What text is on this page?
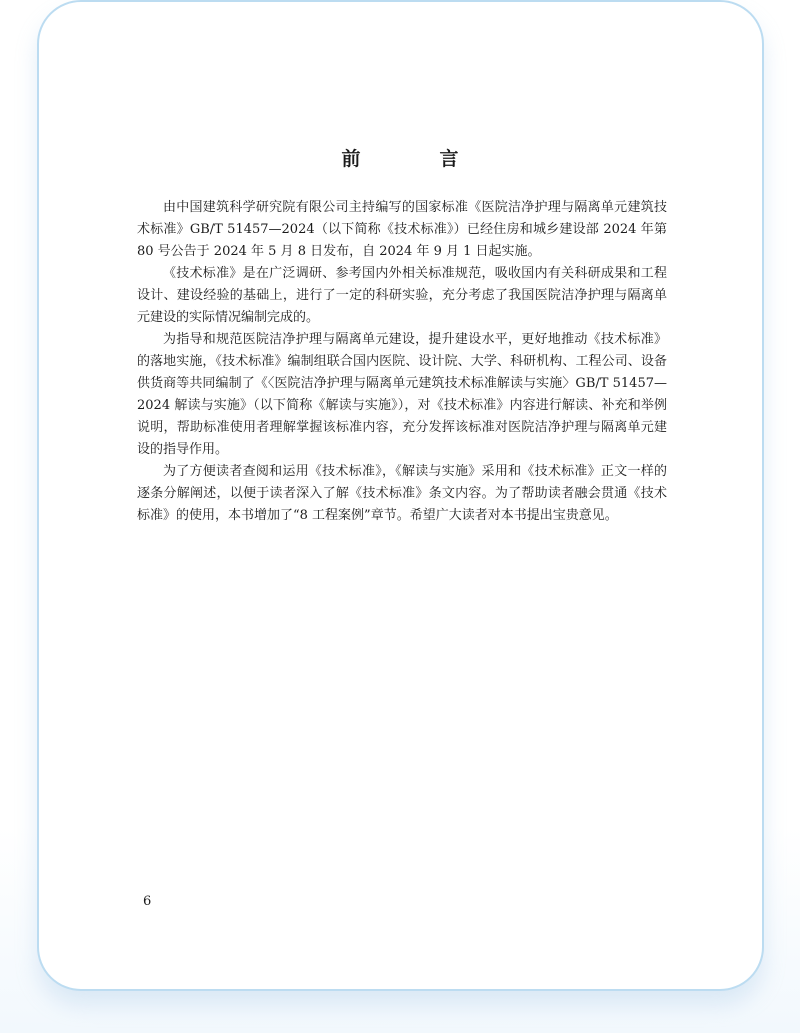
前　言

由中国建筑科学研究院有限公司主持编写的国家标准《医院洁净护理与隔离单元建筑技术标准》GB/T 51457—2024（以下简称《技术标准》）已经住房和城乡建设部 2024 年第 80 号公告于 2024 年 5 月 8 日发布，自 2024 年 9 月 1 日起实施。

《技术标准》是在广泛调研、参考国内外相关标准规范，吸收国内有关科研成果和工程设计、建设经验的基础上，进行了一定的科研实验，充分考虑了我国医院洁净护理与隔离单元建设的实际情况编制完成的。

为指导和规范医院洁净护理与隔离单元建设，提升建设水平，更好地推动《技术标准》的落地实施，《技术标准》编制组联合国内医院、设计院、大学、科研机构、工程公司、设备供货商等共同编制了《〈医院洁净护理与隔离单元建筑技术标准解读与实施〉GB/T 51457—2024 解读与实施》（以下简称《解读与实施》），对《技术标准》内容进行解读、补充和举例说明，帮助标准使用者理解掌握该标准内容，充分发挥该标准对医院洁净护理与隔离单元建设的指导作用。

为了方便读者查阅和运用《技术标准》，《解读与实施》采用和《技术标准》正文一样的逐条分解阐述，以便于读者深入了解《技术标准》条文内容。为了帮助读者融会贯通《技术标准》的使用，本书增加了“8 工程案例”章节。希望广大读者对本书提出宝贵意见。

6
